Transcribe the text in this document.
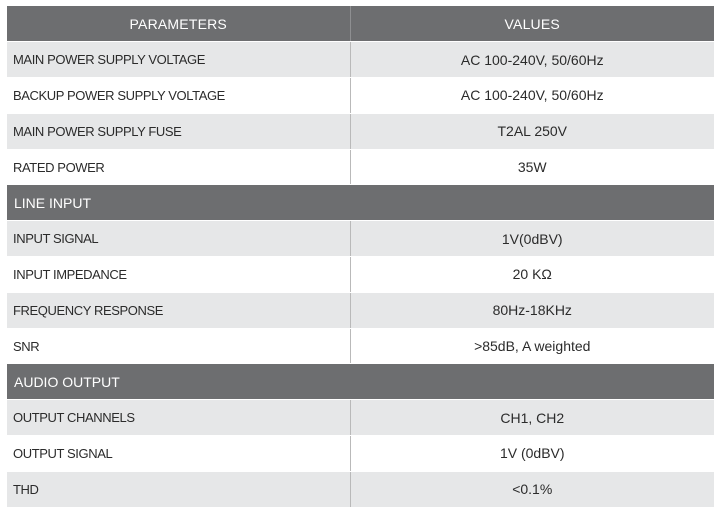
PARAMETERS	VALUES
MAIN POWER SUPPLY VOLTAGE	AC 100-240V, 50/60Hz
BACKUP POWER SUPPLY VOLTAGE	AC 100-240V, 50/60Hz
MAIN POWER SUPPLY FUSE	T2AL 250V
RATED POWER	35W
LINE INPUT	
INPUT SIGNAL	1V(0dBV)
INPUT IMPEDANCE	20 KΩ
FREQUENCY RESPONSE	80Hz-18KHz
SNR	>85dB, A weighted
AUDIO OUTPUT	
OUTPUT CHANNELS	CH1, CH2
OUTPUT SIGNAL	1V (0dBV)
THD	<0.1%
